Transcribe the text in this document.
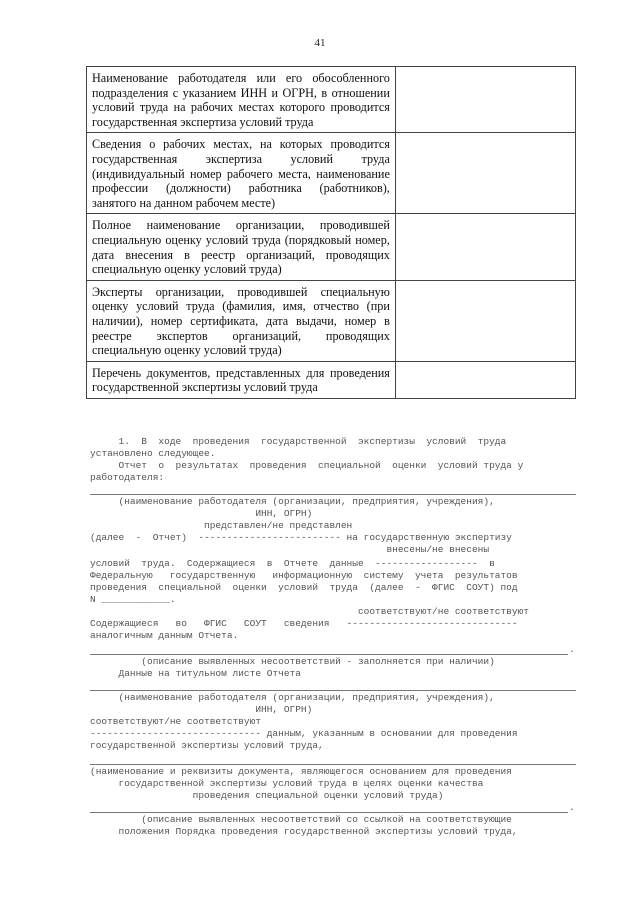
41
Наименование работодателя или его обособленного подразделения с указанием ИНН и ОГРН, в отношении условий труда на рабочих местах которого проводится государственная экспертиза условий труда	
Сведения о рабочих местах, на которых проводится государственная экспертиза условий труда (индивидуальный номер рабочего места, наименование профессии (должности) работника (работников), занятого на данном рабочем месте)	
Полное наименование организации, проводившей специальную оценку условий труда (порядковый номер, дата внесения в реестр организаций, проводящих специальную оценку условий труда)	
Эксперты организации, проводившей специальную оценку условий труда (фамилия, имя, отчество (при наличии), номер сертификата, дата выдачи, номер в реестре экспертов организаций, проводящих специальную оценку условий труда)	
Перечень документов, представленных для проведения государственной экспертизы условий труда	
1.  В  ходе  проведения  государственной  экспертизы  условий  труда
установлено следующее.
Отчет  о  результатах  проведения  специальной  оценки  условий труда у
работодателя:
(наименование работодателя (организации, предприятия, учреждения),
ИНН, ОГРН)
представлен/не представлен
(далее  -  Отчет)  ------------------------- на государственную экспертизу
внесены/не внесены
условий  труда.  Содержащиеся  в  Отчете  данные  ------------------  в
Федеральную   государственную   информационную  систему  учета  результатов
проведения  специальной  оценки  условий  труда  (далее  -  ФГИС  СОУТ) под
N ____________.
соответствуют/не соответствуют
Содержащиеся   во   ФГИС   СОУТ   сведения   ------------------------------
аналогичным данным Отчета.
.
(описание выявленных несоответствий - заполняется при наличии)
Данные на титульном листе Отчета
(наименование работодателя (организации, предприятия, учреждения),
ИНН, ОГРН)
соответствуют/не соответствуют
------------------------------ данным, указанным в основании для проведения
государственной экспертизы условий труда,
(наименование и реквизиты документа, являющегося основанием для проведения
государственной экспертизы условий труда в целях оценки качества
проведения специальной оценки условий труда)
.
(описание выявленных несоответствий со ссылкой на соответствующие
положения Порядка проведения государственной экспертизы условий труда,
